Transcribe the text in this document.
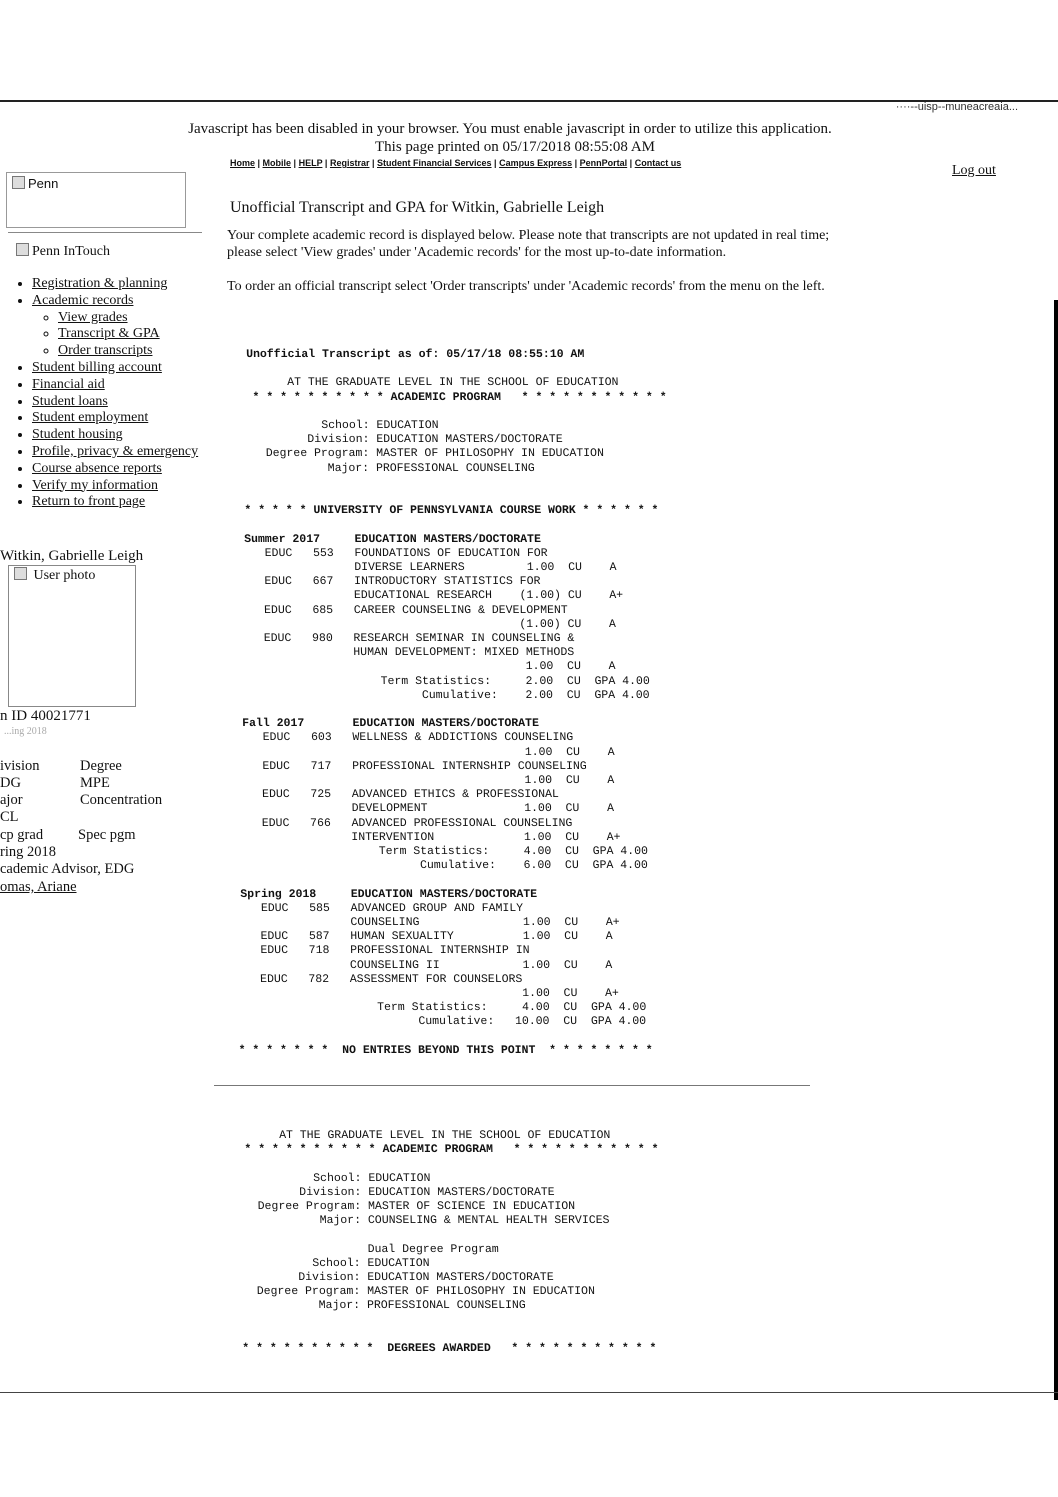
····--uisp--muneacreaia...
Javascript has been disabled in your browser. You must enable javascript in order to utilize this application.
This page printed on 05/17/2018 08:55:08 AM
Home | Mobile | HELP | Registrar | Student Financial Services | Campus Express | PennPortal | Contact us	Log out
Penn
Penn InTouch
• Registration & planning
• Academic records
◦ View grades
◦ Transcript & GPA
◦ Order transcripts
• Student billing account
• Financial aid
• Student loans
• Student employment
• Student housing
• Profile, privacy & emergency
• Course absence reports
• Verify my information
• Return to front page
Witkin, Gabrielle Leigh
User photo
n ID 40021771
...ing 2018
ivision	Degree
DG	MPE
ajor	Concentration
CL
cp grad Spec pgm
ring 2018
cademic Advisor, EDG
omas, Ariane
Unofficial Transcript and GPA for Witkin, Gabrielle Leigh

Your complete academic record is displayed below. Please note that transcripts are not updated in real time; please select 'View grades' under 'Academic records' for the most up-to-date information.

To order an official transcript select 'Order transcripts' under 'Academic records' from the menu on the left.

Unofficial Transcript as of: 05/17/18 08:55:10 AM
AT THE GRADUATE LEVEL IN THE SCHOOL OF EDUCATION
* * * * * * * * * * ACADEMIC PROGRAM   * * * * * * * * * * *
School: EDUCATION
Division: EDUCATION MASTERS/DOCTORATE
Degree Program: MASTER OF PHILOSOPHY IN EDUCATION
Major: PROFESSIONAL COUNSELING
* * * * * UNIVERSITY OF PENNSYLVANIA COURSE WORK * * * * * *
Summer 2017     EDUCATION MASTERS/DOCTORATE
EDUC   553   FOUNDATIONS OF EDUCATION FOR
DIVERSE LEARNERS         1.00  CU    A
EDUC   667   INTRODUCTORY STATISTICS FOR
EDUCATIONAL RESEARCH    (1.00) CU    A+
EDUC   685   CAREER COUNSELING & DEVELOPMENT
(1.00) CU    A
EDUC   980   RESEARCH SEMINAR IN COUNSELING &
HUMAN DEVELOPMENT: MIXED METHODS
1.00  CU    A
Term Statistics:     2.00  CU  GPA 4.00
Cumulative:    2.00  CU  GPA 4.00
Fall 2017       EDUCATION MASTERS/DOCTORATE
EDUC   603   WELLNESS & ADDICTIONS COUNSELING
1.00  CU    A
EDUC   717   PROFESSIONAL INTERNSHIP COUNSELING
1.00  CU    A
EDUC   725   ADVANCED ETHICS & PROFESSIONAL
DEVELOPMENT              1.00  CU    A
EDUC   766   ADVANCED PROFESSIONAL COUNSELING
INTERVENTION             1.00  CU    A+
Term Statistics:     4.00  CU  GPA 4.00
Cumulative:    6.00  CU  GPA 4.00
Spring 2018     EDUCATION MASTERS/DOCTORATE
EDUC   585   ADVANCED GROUP AND FAMILY
COUNSELING               1.00  CU    A+
EDUC   587   HUMAN SEXUALITY          1.00  CU    A
EDUC   718   PROFESSIONAL INTERNSHIP IN
COUNSELING II            1.00  CU    A
EDUC   782   ASSESSMENT FOR COUNSELORS
1.00  CU    A+
Term Statistics:     4.00  CU  GPA 4.00
Cumulative:   10.00  CU  GPA 4.00
* * * * * * *  NO ENTRIES BEYOND THIS POINT  * * * * * * * *
AT THE GRADUATE LEVEL IN THE SCHOOL OF EDUCATION
* * * * * * * * * * ACADEMIC PROGRAM   * * * * * * * * * * *
School: EDUCATION
Division: EDUCATION MASTERS/DOCTORATE
Degree Program: MASTER OF SCIENCE IN EDUCATION
Major: COUNSELING & MENTAL HEALTH SERVICES
Dual Degree Program
School: EDUCATION
Division: EDUCATION MASTERS/DOCTORATE
Degree Program: MASTER OF PHILOSOPHY IN EDUCATION
Major: PROFESSIONAL COUNSELING
* * * * * * * * * *  DEGREES AWARDED   * * * * * * * * * * *
